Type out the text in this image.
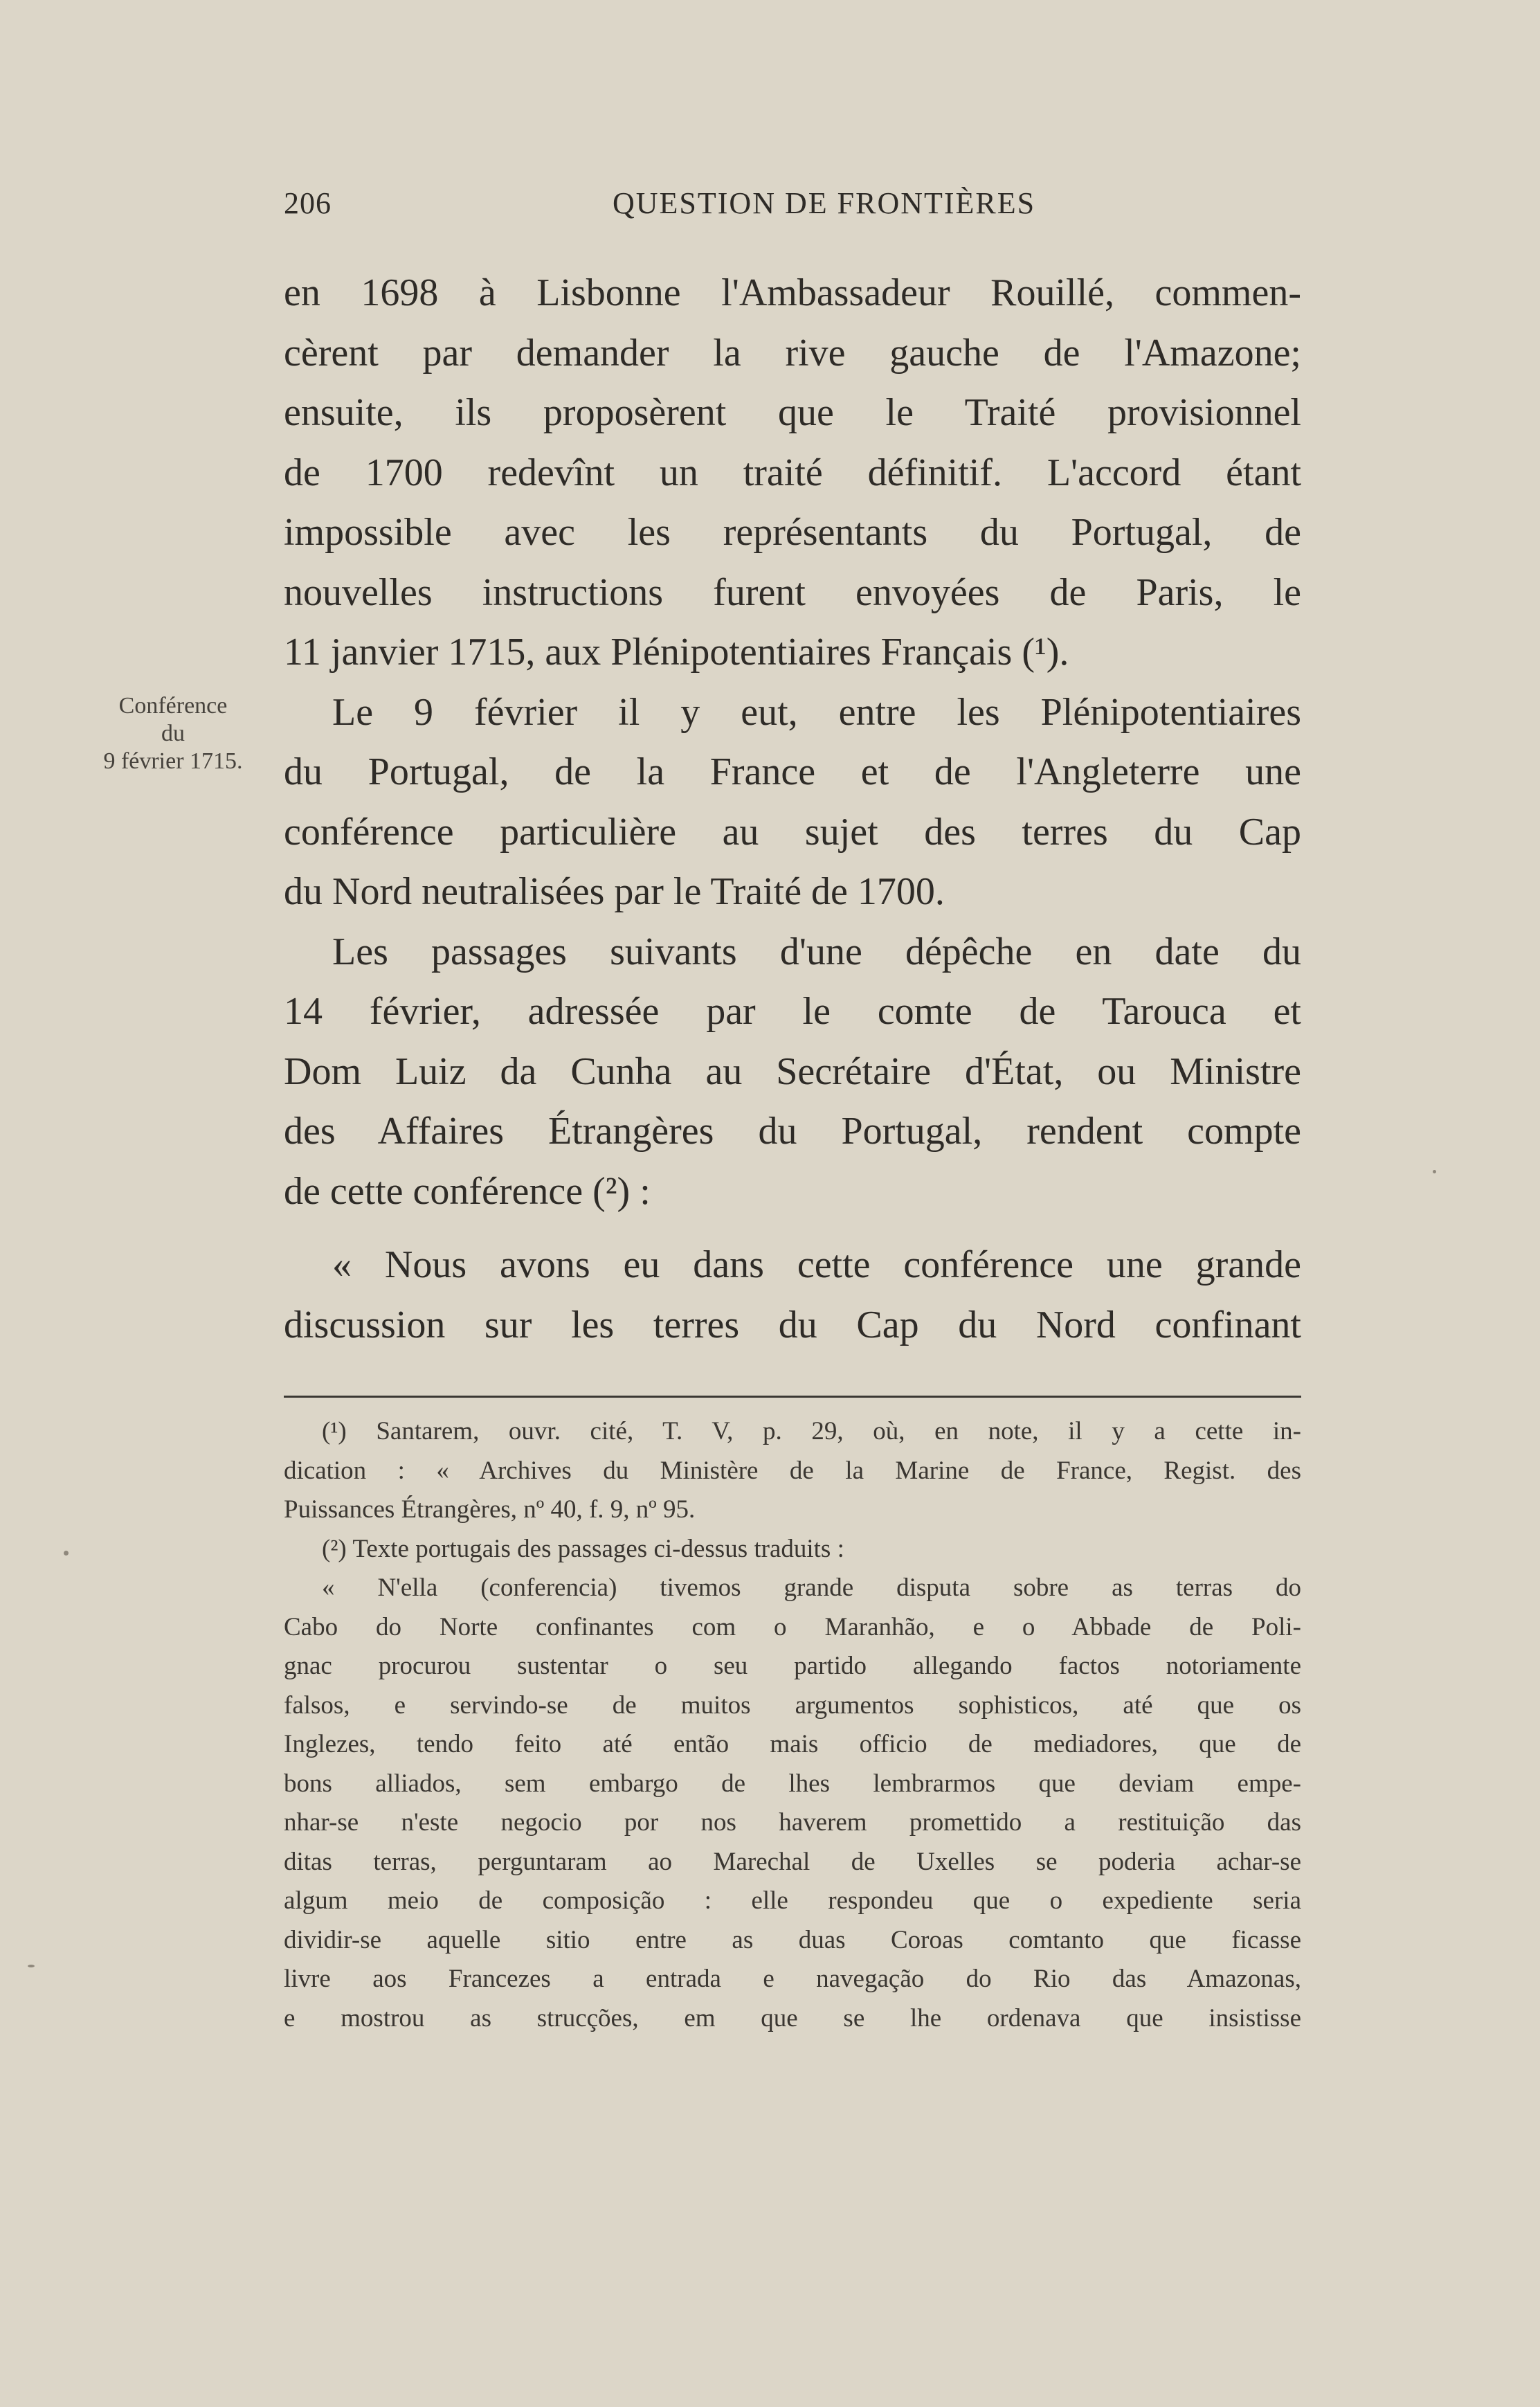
206	QUESTION DE FRONTIÈRES
Conférence
du
9 février 1715.
en 1698 à Lisbonne l'Ambassadeur Rouillé, commen-
cèrent par demander la rive gauche de l'Amazone;
ensuite, ils proposèrent que le Traité provisionnel
de 1700 redevînt un traité définitif. L'accord étant
impossible avec les représentants du Portugal, de
nouvelles instructions furent envoyées de Paris, le
11 janvier 1715, aux Plénipotentiaires Français (¹).
Le 9 février il y eut, entre les Plénipotentiaires
du Portugal, de la France et de l'Angleterre une
conférence particulière au sujet des terres du Cap
du Nord neutralisées par le Traité de 1700.
Les passages suivants d'une dépêche en date du
14 février, adressée par le comte de Tarouca et
Dom Luiz da Cunha au Secrétaire d'État, ou Ministre
des Affaires Étrangères du Portugal, rendent compte
de cette conférence (²) :
« Nous avons eu dans cette conférence une grande
discussion sur les terres du Cap du Nord confinant
(¹) Santarem, ouvr. cité, T. V, p. 29, où, en note, il y a cette in-
dication : « Archives du Ministère de la Marine de France, Regist. des
Puissances Étrangères, nº 40, f. 9, nº 95.
(²) Texte portugais des passages ci-dessus traduits :
« N'ella (conferencia) tivemos grande disputa sobre as terras do
Cabo do Norte confinantes com o Maranhão, e o Abbade de Poli-
gnac procurou sustentar o seu partido allegando factos notoriamente
falsos, e servindo-se de muitos argumentos sophisticos, até que os
Inglezes, tendo feito até então mais officio de mediadores, que de
bons alliados, sem embargo de lhes lembrarmos que deviam empe-
nhar-se n'este negocio por nos haverem promettido a restituição das
ditas terras, perguntaram ao Marechal de Uxelles se poderia achar-se
algum meio de composição : elle respondeu que o expediente seria
dividir-se aquelle sitio entre as duas Coroas comtanto que ficasse
livre aos Francezes a entrada e navegação do Rio das Amazonas,
e mostrou as strucções, em que se lhe ordenava que insistisse
